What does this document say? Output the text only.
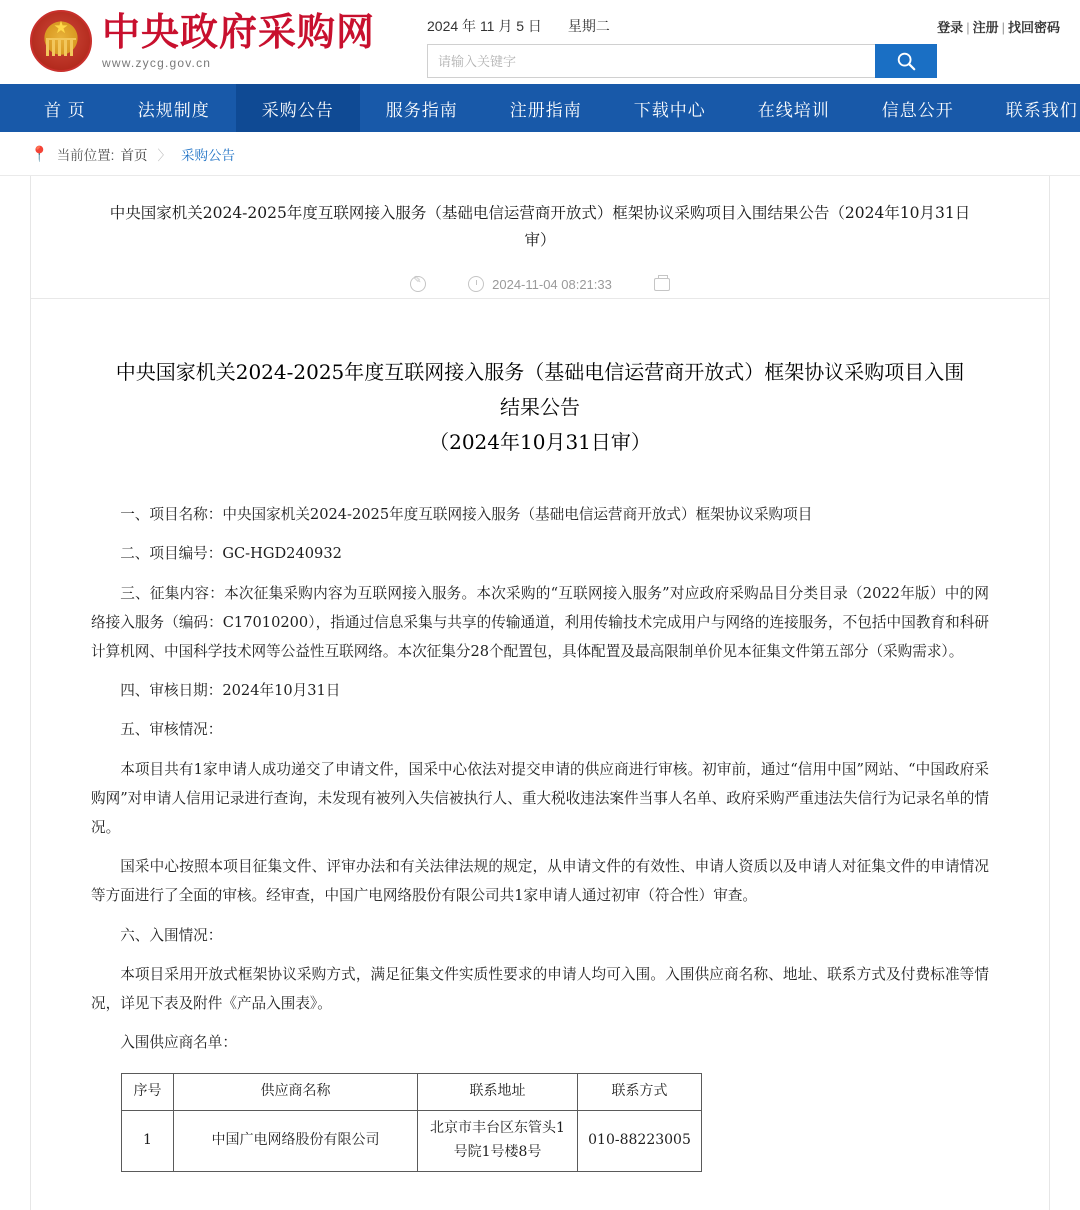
★
中央政府采购网
www.zycg.gov.cn
2024 年 11 月 5 日 星期二	登录 | 注册 | 找回密码
请输入关键字
首 页	法规制度	采购公告	服务指南	注册指南	下载中心	在线培训	信息公开	联系我们
📍 当前位置: 首页 〉 采购公告
中央国家机关2024-2025年度互联网接入服务（基础电信运营商开放式）框架协议采购项目入围结果公告（2024年10月31日审）
✎
2024-11-04 08:21:33
中央国家机关2024-2025年度互联网接入服务（基础电信运营商开放式）框架协议采购项目入围结果公告
（2024年10月31日审）

一、项目名称：中央国家机关2024-2025年度互联网接入服务（基础电信运营商开放式）框架协议采购项目

二、项目编号：GC-HGD240932

三、征集内容：本次征集采购内容为互联网接入服务。本次采购的“互联网接入服务”对应政府采购品目分类目录（2022年版）中的网络接入服务（编码：C17010200），指通过信息采集与共享的传输通道，利用传输技术完成用户与网络的连接服务，不包括中国教育和科研计算机网、中国科学技术网等公益性互联网络。本次征集分28个配置包，具体配置及最高限制单价见本征集文件第五部分（采购需求）。

四、审核日期：2024年10月31日

五、审核情况：

本项目共有1家申请人成功递交了申请文件，国采中心依法对提交申请的供应商进行审核。初审前，通过“信用中国”网站、“中国政府采购网”对申请人信用记录进行查询，未发现有被列入失信被执行人、重大税收违法案件当事人名单、政府采购严重违法失信行为记录名单的情况。

国采中心按照本项目征集文件、评审办法和有关法律法规的规定，从申请文件的有效性、申请人资质以及申请人对征集文件的申请情况等方面进行了全面的审核。经审查，中国广电网络股份有限公司共1家申请人通过初审（符合性）审查。

六、入围情况：

本项目采用开放式框架协议采购方式，满足征集文件实质性要求的申请人均可入围。入围供应商名称、地址、联系方式及付费标准等情况，详见下表及附件《产品入围表》。

入围供应商名单：

序号	供应商名称	联系地址	联系方式
1	中国广电网络股份有限公司	北京市丰台区东管头1号院1号楼8号	010-88223005
